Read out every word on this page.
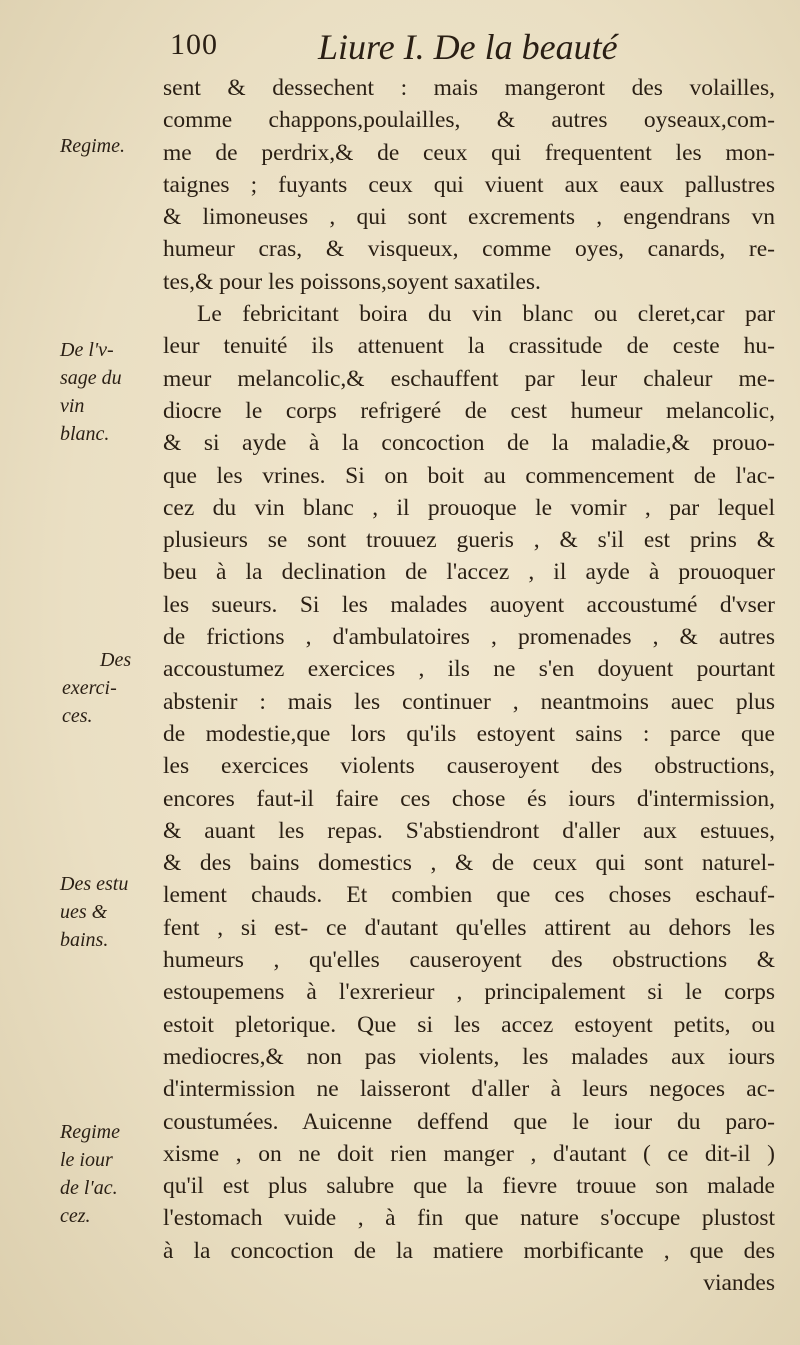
100	Liure I. De la beauté
Regime.
De l'v-
sage du
vin
blanc.
Des
exerci-
ces.
Des estu
ues &
bains.
Regime
le iour
de l'ac.
cez.
sent & dessechent : mais mangeront des volailles,
comme chappons,poulailles, & autres oyseaux,com-
me de perdrix,& de ceux qui frequentent les mon-
taignes ; fuyants ceux qui viuent aux eaux pallustres
& limoneuses , qui sont excrements , engendrans vn
humeur cras, & visqueux, comme oyes, canards, re-
tes,& pour les poissons,soyent saxatiles.
Le febricitant boira du vin blanc ou cleret,car par
leur tenuité ils attenuent la crassitude de ceste hu-
meur melancolic,& eschauffent par leur chaleur me-
diocre le corps refrigeré de cest humeur melancolic,
& si ayde à la concoction de la maladie,& prouo-
que les vrines. Si on boit au commencement de l'ac-
cez du vin blanc , il prouoque le vomir , par lequel
plusieurs se sont trouuez gueris , & s'il est prins &
beu à la declination de l'accez , il ayde à prouoquer
les sueurs. Si les malades auoyent accoustumé d'vser
de frictions , d'ambulatoires , promenades , & autres
accoustumez exercices , ils ne s'en doyuent pourtant
abstenir : mais les continuer , neantmoins auec plus
de modestie,que lors qu'ils estoyent sains : parce que
les exercices violents causeroyent des obstructions,
encores faut-il faire ces chose és iours d'intermission,
& auant les repas. S'abstiendront d'aller aux estuues,
& des bains domestics , & de ceux qui sont naturel-
lement chauds. Et combien que ces choses eschauf-
fent , si est- ce d'autant qu'elles attirent au dehors les
humeurs , qu'elles causeroyent des obstructions &
estoupemens à l'exrerieur , principalement si le corps
estoit pletorique. Que si les accez estoyent petits, ou
mediocres,& non pas violents, les malades aux iours
d'intermission ne laisseront d'aller à leurs negoces ac-
coustumées. Auicenne deffend que le iour du paro-
xisme , on ne doit rien manger , d'autant ( ce dit-il )
qu'il est plus salubre que la fievre trouue son malade
l'estomach vuide , à fin que nature s'occupe plustost
à la concoction de la matiere morbificante , que des
viandes
